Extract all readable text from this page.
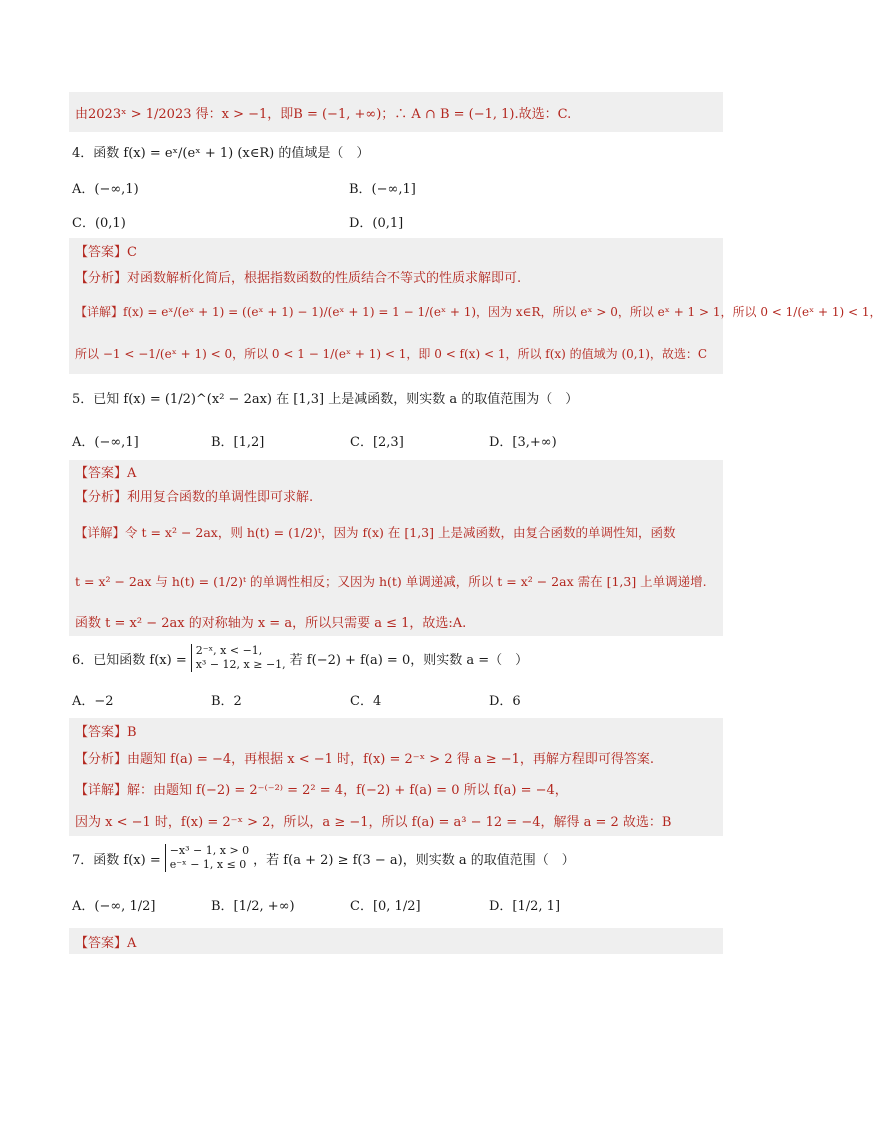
由2023ˣ > 1/2023 得：x > −1，即B = (−1, +∞)；∴ A ∩ B = (−1, 1).故选：C.
4．函数 f(x) = eˣ/(eˣ + 1) (x∈R) 的值域是（　）
A．(−∞,1)	B．(−∞,1]
C．(0,1)	D．(0,1]
【答案】C
【分析】对函数解析化简后，根据指数函数的性质结合不等式的性质求解即可.
【详解】f(x) = eˣ/(eˣ + 1) = ((eˣ + 1) − 1)/(eˣ + 1) = 1 − 1/(eˣ + 1)，因为 x∈R，所以 eˣ > 0，所以 eˣ + 1 > 1，所以 0 < 1/(eˣ + 1) < 1，
所以 −1 < −1/(eˣ + 1) < 0，所以 0 < 1 − 1/(eˣ + 1) < 1，即 0 < f(x) < 1，所以 f(x) 的值域为 (0,1)，故选：C
5．已知 f(x) = (1/2)^(x² − 2ax) 在 [1,3] 上是减函数，则实数 a 的取值范围为（　）
A．(−∞,1]	B．[1,2]	C．[2,3]	D．[3,+∞)
【答案】A
【分析】利用复合函数的单调性即可求解.
【详解】令 t = x² − 2ax，则 h(t) = (1/2)ᵗ，因为 f(x) 在 [1,3] 上是减函数，由复合函数的单调性知，函数
t = x² − 2ax 与 h(t) = (1/2)ᵗ 的单调性相反；又因为 h(t) 单调递减，所以 t = x² − 2ax 需在 [1,3] 上单调递增.
函数 t = x² − 2ax 的对称轴为 x = a，所以只需要 a ≤ 1，故选:A.
6．已知函数 f(x) =
2⁻ˣ, x < −1,
x³ − 12, x ≥ −1, 若 f(−2) + f(a) = 0，则实数 a =（　）
A．−2	B．2	C．4	D．6
【答案】B
【分析】由题知 f(a) = −4，再根据 x < −1 时，f(x) = 2⁻ˣ > 2 得 a ≥ −1，再解方程即可得答案.
【详解】解：由题知 f(−2) = 2⁻⁽⁻²⁾ = 2² = 4，f(−2) + f(a) = 0 所以 f(a) = −4，
因为 x < −1 时，f(x) = 2⁻ˣ > 2，所以，a ≥ −1，所以 f(a) = a³ − 12 = −4，解得 a = 2 故选：B
7．函数 f(x) =
−x³ − 1, x > 0
e⁻ˣ − 1, x ≤ 0 ，若 f(a + 2) ≥ f(3 − a)，则实数 a 的取值范围（　）
A．(−∞, 1/2]	B．[1/2, +∞)	C．[0, 1/2]	D．[1/2, 1]
【答案】A
